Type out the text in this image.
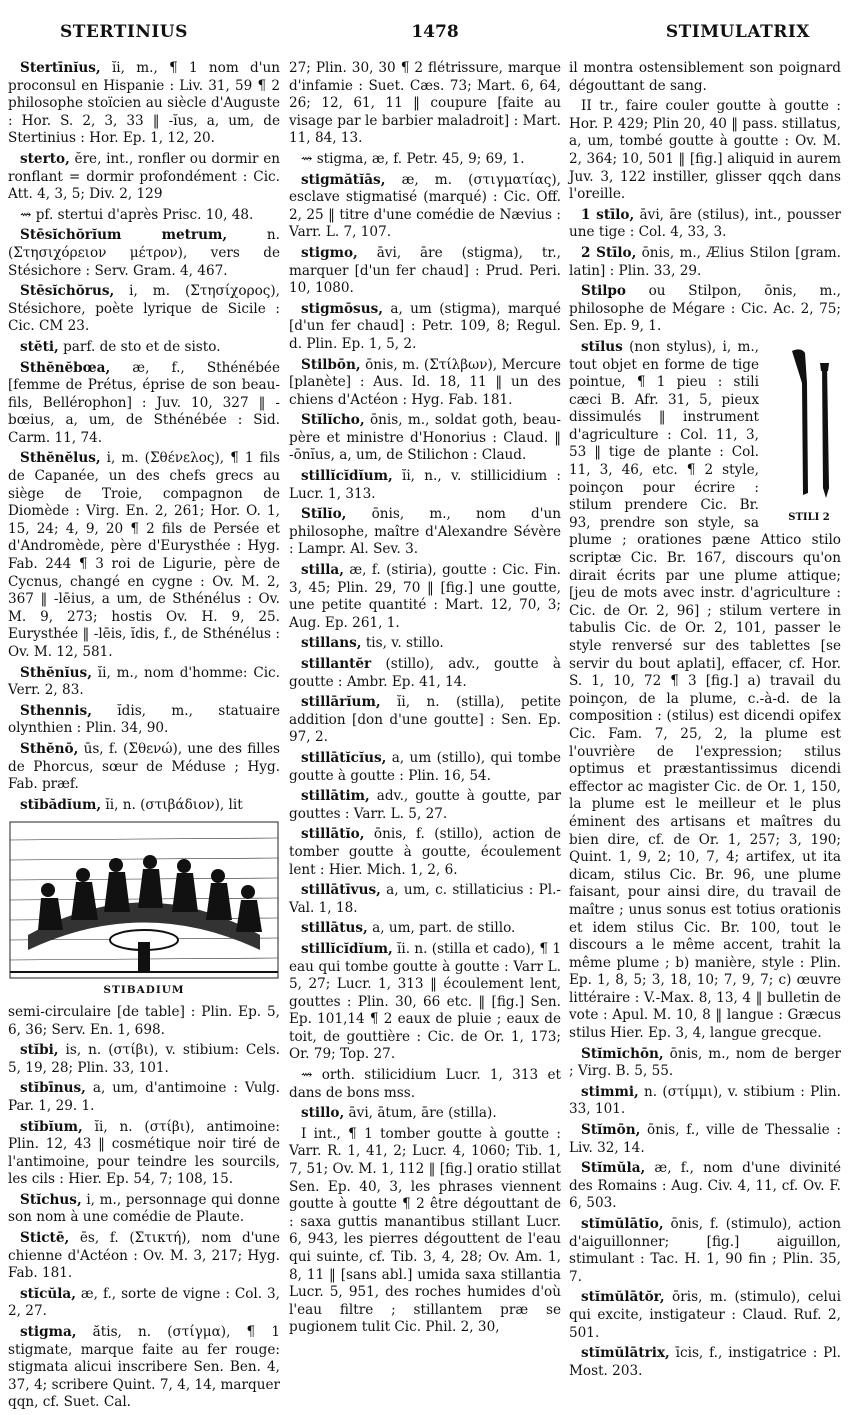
STERTINIUS	1478	STIMULATRIX

Stertīnĭus, ĭi, m., ¶ 1 nom d'un proconsul en Hispanie : Liv. 31, 59 ¶ 2 philosophe stoïcien au siècle d'Auguste : Hor. S. 2, 3, 33 ‖ -ĭus, a, um, de Stertinius : Hor. Ep. 1, 12, 20.

sterto, ĕre, int., ronfler ou dormir en ronflant = dormir profondément : Cic. Att. 4, 3, 5; Div. 2, 129

⇝ pf. stertui d'après Prisc. 10, 48.

Stēsĭchŏrĭum metrum, n. (Στησιχόρειον μέτρον), vers de Stésichore : Serv. Gram. 4, 467.

Stēsĭchŏrus, i, m. (Στησίχορος), Stésichore, poète lyrique de Sicile : Cic. CM 23.

stĕti, parf. de sto et de sisto.

Sthĕnĕbœa, æ, f., Sthénébée [femme de Prétus, éprise de son beau-fils, Bellérophon] : Juv. 10, 327 ‖ -bœius, a, um, de Sthénébée : Sid. Carm. 11, 74.

Sthĕnĕlus, i, m. (Σθένελος), ¶ 1 fils de Capanée, un des chefs grecs au siège de Troie, compagnon de Diomède : Virg. En. 2, 261; Hor. O. 1, 15, 24; 4, 9, 20 ¶ 2 fils de Persée et d'Andromède, père d'Eurysthée : Hyg. Fab. 244 ¶ 3 roi de Ligurie, père de Cycnus, changé en cygne : Ov. M. 2, 367 ‖ -lēius, a um, de Sthénélus : Ov. M. 9, 273; hostis Ov. H. 9, 25. Eurysthée ‖ -lēis, ĭdis, f., de Sthénélus : Ov. M. 12, 581.

Sthĕnĭus, ĭi, m., nom d'homme: Cic. Verr. 2, 83.

Sthennis, ĭdis, m., statuaire olynthien : Plin. 34, 90.

Sthĕnō, ūs, f. (Σθενώ), une des filles de Phorcus, sœur de Méduse ; Hyg. Fab. præf.

stĭbădĭum, ĭi, n. (στιβάδιον), lit

STIBADIUM

semi-circulaire [de table] : Plin. Ep. 5, 6, 36; Serv. En. 1, 698.

stĭbi, is, n. (στίβι), v. stibium: Cels. 5, 19, 28; Plin. 33, 101.

stĭbīnus, a, um, d'antimoine : Vulg. Par. 1, 29. 1.

stĭbĭum, ĭi, n. (στίβι), antimoine: Plin. 12, 43 ‖ cosmétique noir tiré de l'antimoine, pour teindre les sourcils, les cils : Hier. Ep. 54, 7; 108, 15.

Stĭchus, i, m., personnage qui donne son nom à une comédie de Plaute.

Stictē, ēs, f. (Στικτή), nom d'une chienne d'Actéon : Ov. M. 3, 217; Hyg. Fab. 181.

stĭcŭla, æ, f., sorte de vigne : Col. 3, 2, 27.

stigma, ătis, n. (στίγμα), ¶ 1 stigmate, marque faite au fer rouge: stigmata alicui inscribere Sen. Ben. 4, 37, 4; scribere Quint. 7, 4, 14, marquer qqn, cf. Suet. Cal.

27; Plin. 30, 30 ¶ 2 flétrissure, marque d'infamie : Suet. Cæs. 73; Mart. 6, 64, 26; 12, 61, 11 ‖ coupure [faite au visage par le barbier maladroit] : Mart. 11, 84, 13.

⇝ stigma, æ, f. Petr. 45, 9; 69, 1.

stigmătĭās, æ, m. (στιγματίας), esclave stigmatisé (marqué) : Cic. Off. 2, 25 ‖ titre d'une comédie de Nævius : Varr. L. 7, 107.

stigmo, āvi, āre (stigma), tr., marquer [d'un fer chaud] : Prud. Peri. 10, 1080.

stigmōsus, a, um (stigma), marqué [d'un fer chaud] : Petr. 109, 8; Regul. d. Plin. Ep. 1, 5, 2.

Stilbōn, ōnis, m. (Στίλβων), Mercure [planète] : Aus. Id. 18, 11 ‖ un des chiens d'Actéon : Hyg. Fab. 181.

Stĭlĭcho, ōnis, m., soldat goth, beau-père et ministre d'Honorius : Claud. ‖ -ōnĭus, a, um, de Stilichon : Claud.

stillĭcĭdĭum, ĭi, n., v. stillicidium : Lucr. 1, 313.

Stĭlĭo, ōnis, m., nom d'un philosophe, maître d'Alexandre Sévère : Lampr. Al. Sev. 3.

stilla, æ, f. (stiria), goutte : Cic. Fin. 3, 45; Plin. 29, 70 ‖ [fig.] une goutte, une petite quantité : Mart. 12, 70, 3; Aug. Ep. 261, 1.

stillans, tis, v. stillo.

stillantĕr (stillo), adv., goutte à goutte : Ambr. Ep. 41, 14.

stillārĭum, ĭi, n. (stilla), petite addition [don d'une goutte] : Sen. Ep. 97, 2.

stillātĭcĭus, a, um (stillo), qui tombe goutte à goutte : Plin. 16, 54.

stillātim, adv., goutte à goutte, par gouttes : Varr. L. 5, 27.

stillātĭo, ōnis, f. (stillo), action de tomber goutte à goutte, écoulement lent : Hier. Mich. 1, 2, 6.

stillātīvus, a, um, c. stillaticius : Pl.-Val. 1, 18.

stillātus, a, um, part. de stillo.

stillĭcĭdĭum, ĭi. n. (stilla et cado), ¶ 1 eau qui tombe goutte à goutte : Varr L. 5, 27; Lucr. 1, 313 ‖ écoulement lent, gouttes : Plin. 30, 66 etc. ‖ [fig.] Sen. Ep. 101,14 ¶ 2 eaux de pluie ; eaux de toit, de gouttière : Cic. de Or. 1, 173; Or. 79; Top. 27.

⇝ orth. stilicidium Lucr. 1, 313 et dans de bons mss.

stillo, āvi, ātum, āre (stilla).

I int., ¶ 1 tomber goutte à goutte : Varr. R. 1, 41, 2; Lucr. 4, 1060; Tib. 1, 7, 51; Ov. M. 1, 112 ‖ [fig.] oratio stillat Sen. Ep. 40, 3, les phrases viennent goutte à goutte ¶ 2 être dégouttant de : saxa guttis manantibus stillant Lucr. 6, 943, les pierres dégouttent de l'eau qui suinte, cf. Tib. 3, 4, 28; Ov. Am. 1, 8, 11 ‖ [sans abl.] umida saxa stillantia Lucr. 5, 951, des roches humides d'où l'eau filtre ; stillantem præ se pugionem tulit Cic. Phil. 2, 30,

il montra ostensiblement son poignard dégouttant de sang.

II tr., faire couler goutte à goutte : Hor. P. 429; Plin 20, 40 ‖ pass. stillatus, a, um, tombé goutte à goutte : Ov. M. 2, 364; 10, 501 ‖ [fig.] aliquid in aurem Juv. 3, 122 instiller, glisser qqch dans l'oreille.

1 stīlo, āvi, āre (stilus), int., pousser une tige : Col. 4, 33, 3.

2 Stīlo, ōnis, m., Ælius Stilon [gram. latin] : Plin. 33, 29.

Stilpo ou Stilpon, ōnis, m., philosophe de Mégare : Cic. Ac. 2, 75; Sen. Ep. 9, 1.

stĭlus
STILI 2
(non stylus), i, m., tout objet en forme de tige pointue, ¶ 1 pieu : stili cæci B. Afr. 31, 5, pieux dissimulés ‖ instrument d'agriculture : Col. 11, 3, 53 ‖ tige de plante : Col. 11, 3, 46, etc. ¶ 2 style, poinçon pour écrire : stilum prendere Cic. Br. 93, prendre son style, sa plume ; orationes pæne Attico stilo scriptæ Cic. Br. 167, discours qu'on dirait écrits par une plume attique; [jeu de mots avec instr. d'agriculture : Cic. de Or. 2, 96] ; stilum vertere in tabulis Cic. de Or. 2, 101, passer le style renversé sur des tablettes [se servir du bout aplati], effacer, cf. Hor. S. 1, 10, 72 ¶ 3 [fig.] a) travail du poinçon, de la plume, c.-à-d. de la composition : (stilus) est dicendi opifex Cic. Fam. 7, 25, 2, la plume est l'ouvrière de l'expression; stilus optimus et præstantissimus dicendi effector ac magister Cic. de Or. 1, 150, la plume est le meilleur et le plus éminent des artisans et maîtres du bien dire, cf. de Or. 1, 257; 3, 190; Quint. 1, 9, 2; 10, 7, 4; artifex, ut ita dicam, stilus Cic. Br. 96, une plume faisant, pour ainsi dire, du travail de maître ; unus sonus est totius orationis et idem stilus Cic. Br. 100, tout le discours a le même accent, trahit la même plume ; b) manière, style : Plin. Ep. 1, 8, 5; 3, 18, 10; 7, 9, 7; c) œuvre littéraire : V.-Max. 8, 13, 4 ‖ bulletin de vote : Apul. M. 10, 8 ‖ langue : Græcus stilus Hier. Ep. 3, 4, langue grecque.

Stĭmĭchōn, ōnis, m., nom de berger ; Virg. B. 5, 55.

stimmi, n. (στίμμι), v. stibium : Plin. 33, 101.

Stĭmōn, ōnis, f., ville de Thessalie : Liv. 32, 14.

Stĭmŭla, æ, f., nom d'une divinité des Romains : Aug. Civ. 4, 11, cf. Ov. F. 6, 503.

stĭmŭlātĭo, ōnis, f. (stimulo), action d'aiguillonner; [fig.] aiguillon, stimulant : Tac. H. 1, 90 fin ; Plin. 35, 7.

stĭmŭlātŏr, ōris, m. (stimulo), celui qui excite, instigateur : Claud. Ruf. 2, 501.

stĭmŭlātrix, īcis, f., instigatrice : Pl. Most. 203.
